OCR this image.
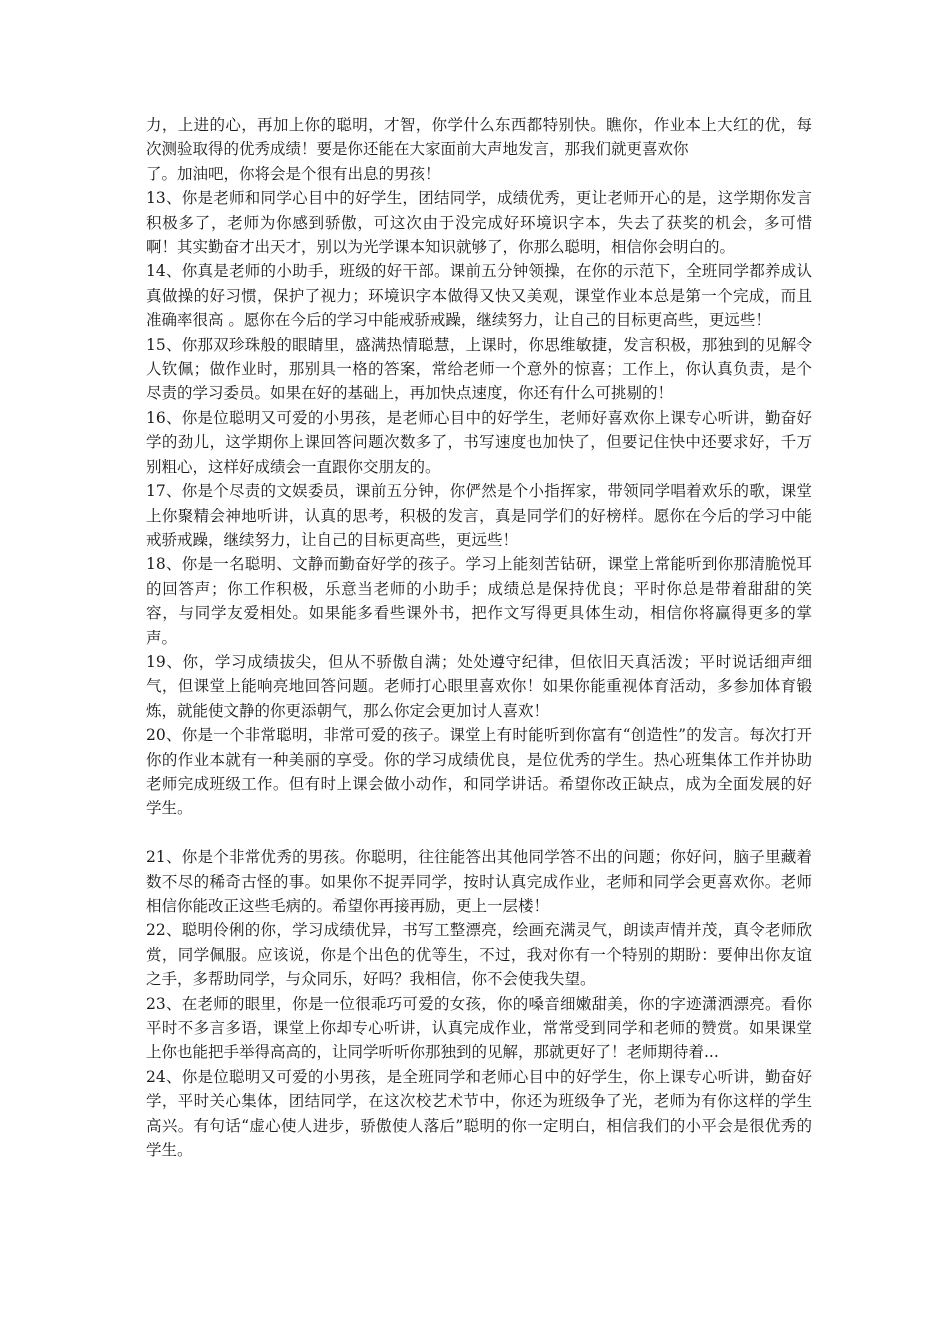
力，上进的心，再加上你的聪明，才智，你学什么东西都特别快。瞧你，作业本上大红的优，每次测验取得的优秀成绩！要是你还能在大家面前大声地发言，那我们就更喜欢你

了。加油吧，你将会是个很有出息的男孩！

13、你是老师和同学心目中的好学生，团结同学，成绩优秀，更让老师开心的是，这学期你发言积极多了，老师为你感到骄傲，可这次由于没完成好环境识字本，失去了获奖的机会，多可惜啊！其实勤奋才出天才，别以为光学课本知识就够了，你那么聪明，相信你会明白的。

14、你真是老师的小助手，班级的好干部。课前五分钟领操，在你的示范下，全班同学都养成认真做操的好习惯，保护了视力；环境识字本做得又快又美观，课堂作业本总是第一个完成，而且准确率很高 。愿你在今后的学习中能戒骄戒躁，继续努力，让自己的目标更高些，更远些！

15、你那双珍珠般的眼睛里，盛满热情聪慧，上课时，你思维敏捷，发言积极，那独到的见解令人钦佩；做作业时，那别具一格的答案，常给老师一个意外的惊喜；工作上，你认真负责，是个尽责的学习委员。如果在好的基础上，再加快点速度，你还有什么可挑剔的！

16、你是位聪明又可爱的小男孩，是老师心目中的好学生，老师好喜欢你上课专心听讲，勤奋好学的劲儿，这学期你上课回答问题次数多了，书写速度也加快了，但要记住快中还要求好，千万别粗心，这样好成绩会一直跟你交朋友的。

17、你是个尽责的文娱委员，课前五分钟，你俨然是个小指挥家，带领同学唱着欢乐的歌，课堂上你聚精会神地听讲，认真的思考，积极的发言，真是同学们的好榜样。愿你在今后的学习中能戒骄戒躁，继续努力，让自己的目标更高些，更远些！

18、你是一名聪明、文静而勤奋好学的孩子。学习上能刻苦钻研，课堂上常能听到你那清脆悦耳的回答声；你工作积极，乐意当老师的小助手；成绩总是保持优良；平时你总是带着甜甜的笑容，与同学友爱相处。如果能多看些课外书，把作文写得更具体生动，相信你将赢得更多的掌声。

19、你，学习成绩拔尖，但从不骄傲自满；处处遵守纪律，但依旧天真活泼；平时说话细声细气，但课堂上能响亮地回答问题。老师打心眼里喜欢你！如果你能重视体育活动，多参加体育锻炼，就能使文静的你更添朝气，那么你定会更加讨人喜欢！

20、你是一个非常聪明，非常可爱的孩子。课堂上有时能听到你富有“创造性”的发言。每次打开你的作业本就有一种美丽的享受。你的学习成绩优良，是位优秀的学生。热心班集体工作并协助老师完成班级工作。但有时上课会做小动作，和同学讲话。希望你改正缺点，成为全面发展的好学生。

21、你是个非常优秀的男孩。你聪明，往往能答出其他同学答不出的问题；你好问，脑子里藏着数不尽的稀奇古怪的事。如果你不捉弄同学，按时认真完成作业，老师和同学会更喜欢你。老师相信你能改正这些毛病的。希望你再接再励，更上一层楼！

22、聪明伶俐的你，学习成绩优异，书写工整漂亮，绘画充满灵气，朗读声情并茂，真令老师欣赏，同学佩服。应该说，你是个出色的优等生，不过，我对你有一个特别的期盼：要伸出你友谊之手，多帮助同学，与众同乐，好吗？我相信，你不会使我失望。

23、在老师的眼里，你是一位很乖巧可爱的女孩，你的嗓音细嫩甜美，你的字迹潇洒漂亮。看你平时不多言多语，课堂上你却专心听讲，认真完成作业，常常受到同学和老师的赞赏。如果课堂上你也能把手举得高高的，让同学听听你那独到的见解，那就更好了！老师期待着...

24、你是位聪明又可爱的小男孩，是全班同学和老师心目中的好学生，你上课专心听讲，勤奋好学，平时关心集体，团结同学，在这次校艺术节中，你还为班级争了光，老师为有你这样的学生高兴。有句话“虚心使人进步，骄傲使人落后”聪明的你一定明白，相信我们的小平会是很优秀的学生。
